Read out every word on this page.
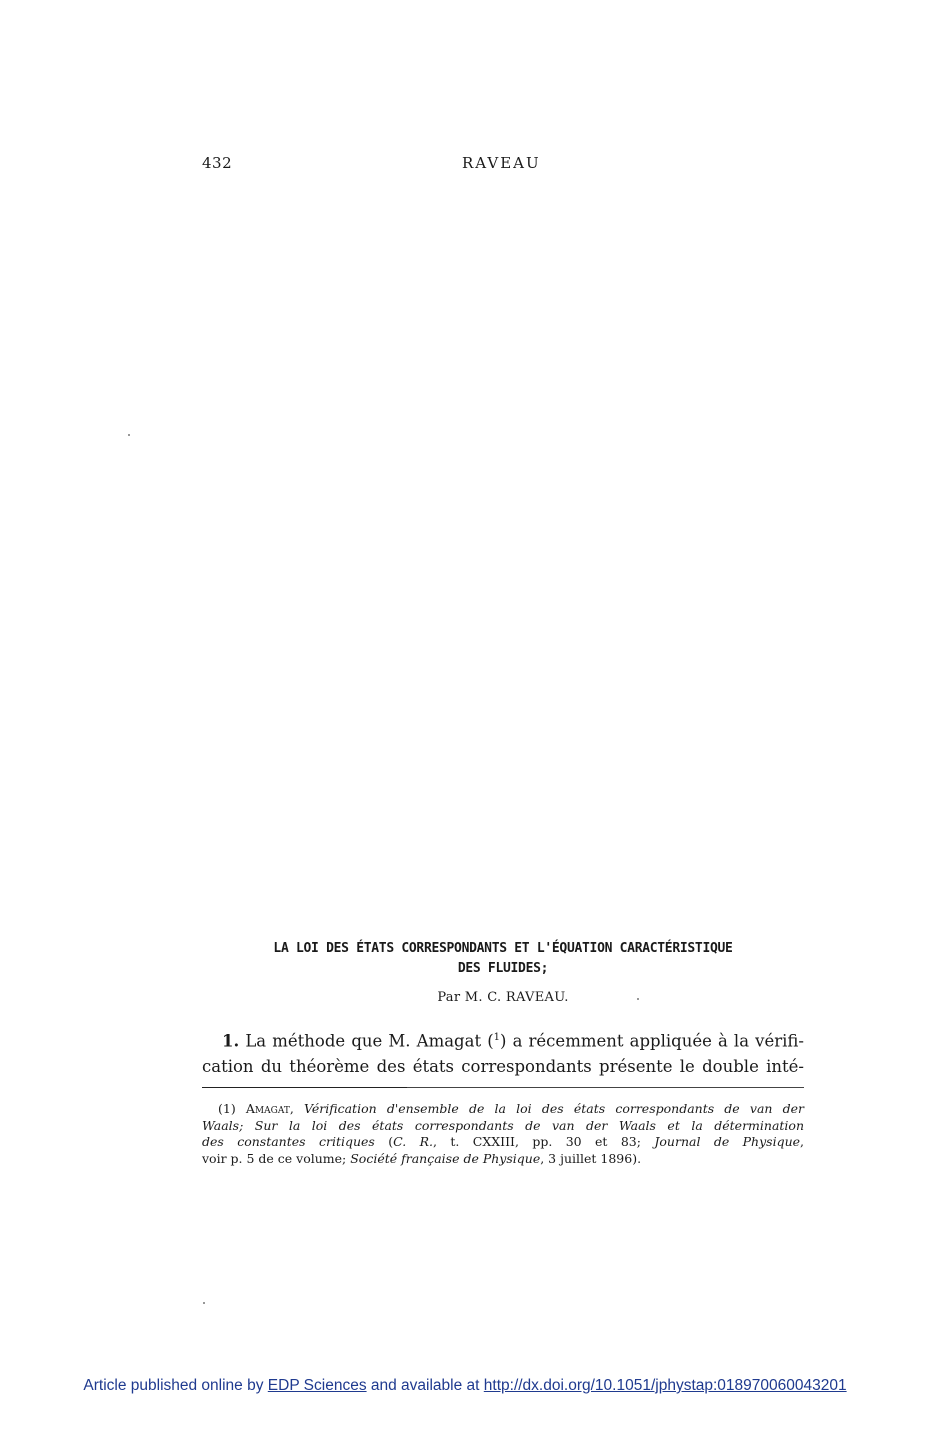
432	RAVEAU
LA LOI DES ÉTATS CORRESPONDANTS ET L'ÉQUATION CARACTÉRISTIQUE
DES FLUIDES;
Par M. C. RAVEAU.
1. La méthode que M. Amagat ($^1$) a récemment appliquée à la vérifi-
cation du théorème des états correspondants présente le double inté-
(1) Amagat, Vérification d'ensemble de la loi des états correspondants de van der
Waals; Sur la loi des états correspondants de van der Waals et la détermination
des constantes critiques (C. R., t. CXXIII, pp. 30 et 83; Journal de Physique,
voir p. 5 de ce volume; Société française de Physique, 3 juillet 1896).
Article published online by EDP Sciences and available at http://dx.doi.org/10.1051/jphystap:018970060043201
